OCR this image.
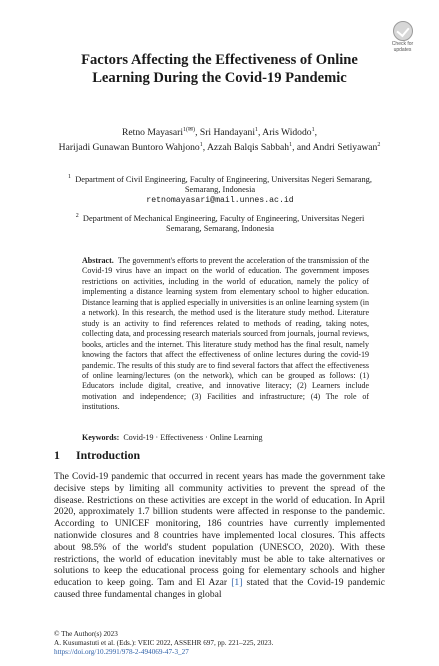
Check for
updates
Factors Affecting the Effectiveness of Online
Learning During the Covid-19 Pandemic
Retno Mayasari$^{1(✉)}$, Sri Handayani$^1$, Aris Widodo$^1$,
Harijadi Gunawan Buntoro Wahjono$^1$, Azzah Balqis Sabbah$^1$, and Andri Setiyawan$^2$
$^1$ Department of Civil Engineering, Faculty of Engineering, Universitas Negeri Semarang,
Semarang, Indonesia
retnomayasari@mail.unnes.ac.id
$^2$ Department of Mechanical Engineering, Faculty of Engineering, Universitas Negeri
Semarang, Semarang, Indonesia
Abstract. The government's efforts to prevent the acceleration of the transmission of the Covid-19 virus have an impact on the world of education. The government imposes restrictions on activities, including in the world of education, namely the policy of implementing a distance learning system from elementary school to higher education. Distance learning that is applied especially in universities is an online learning system (in a network). In this research, the method used is the literature study method. Literature study is an activity to find references related to methods of reading, taking notes, collecting data, and processing research materials sourced from journals, journal reviews, books, articles and the internet. This literature study method has the final result, namely knowing the factors that affect the effectiveness of online lectures during the covid-19 pandemic. The results of this study are to find several factors that affect the effectiveness of online learning/lectures (on the network), which can be grouped as follows: (1) Educators include digital, creative, and innovative literacy; (2) Learners include motivation and independence; (3) Facilities and infrastructure; (4) The role of institutions.
Keywords: Covid-19 · Effectiveness · Online Learning
1 Introduction

The Covid-19 pandemic that occurred in recent years has made the government take decisive steps by limiting all community activities to prevent the spread of the disease. Restrictions on these activities are except in the world of education. In April 2020, approximately 1.7 billion students were affected in response to the pandemic. According to UNICEF monitoring, 186 countries have currently implemented nationwide closures and 8 countries have implemented local closures. This affects about 98.5% of the world's student population (UNESCO, 2020). With these restrictions, the world of education inevitably must be able to take alternatives or solutions to keep the educational process going for elementary schools and higher education to keep going. Tam and El Azar [1] stated that the Covid-19 pandemic caused three fundamental changes in global

© The Author(s) 2023
A. Kusumastuti et al. (Eds.): VEIC 2022, ASSEHR 697, pp. 221–225, 2023.
https://doi.org/10.2991/978-2-494069-47-3_27
